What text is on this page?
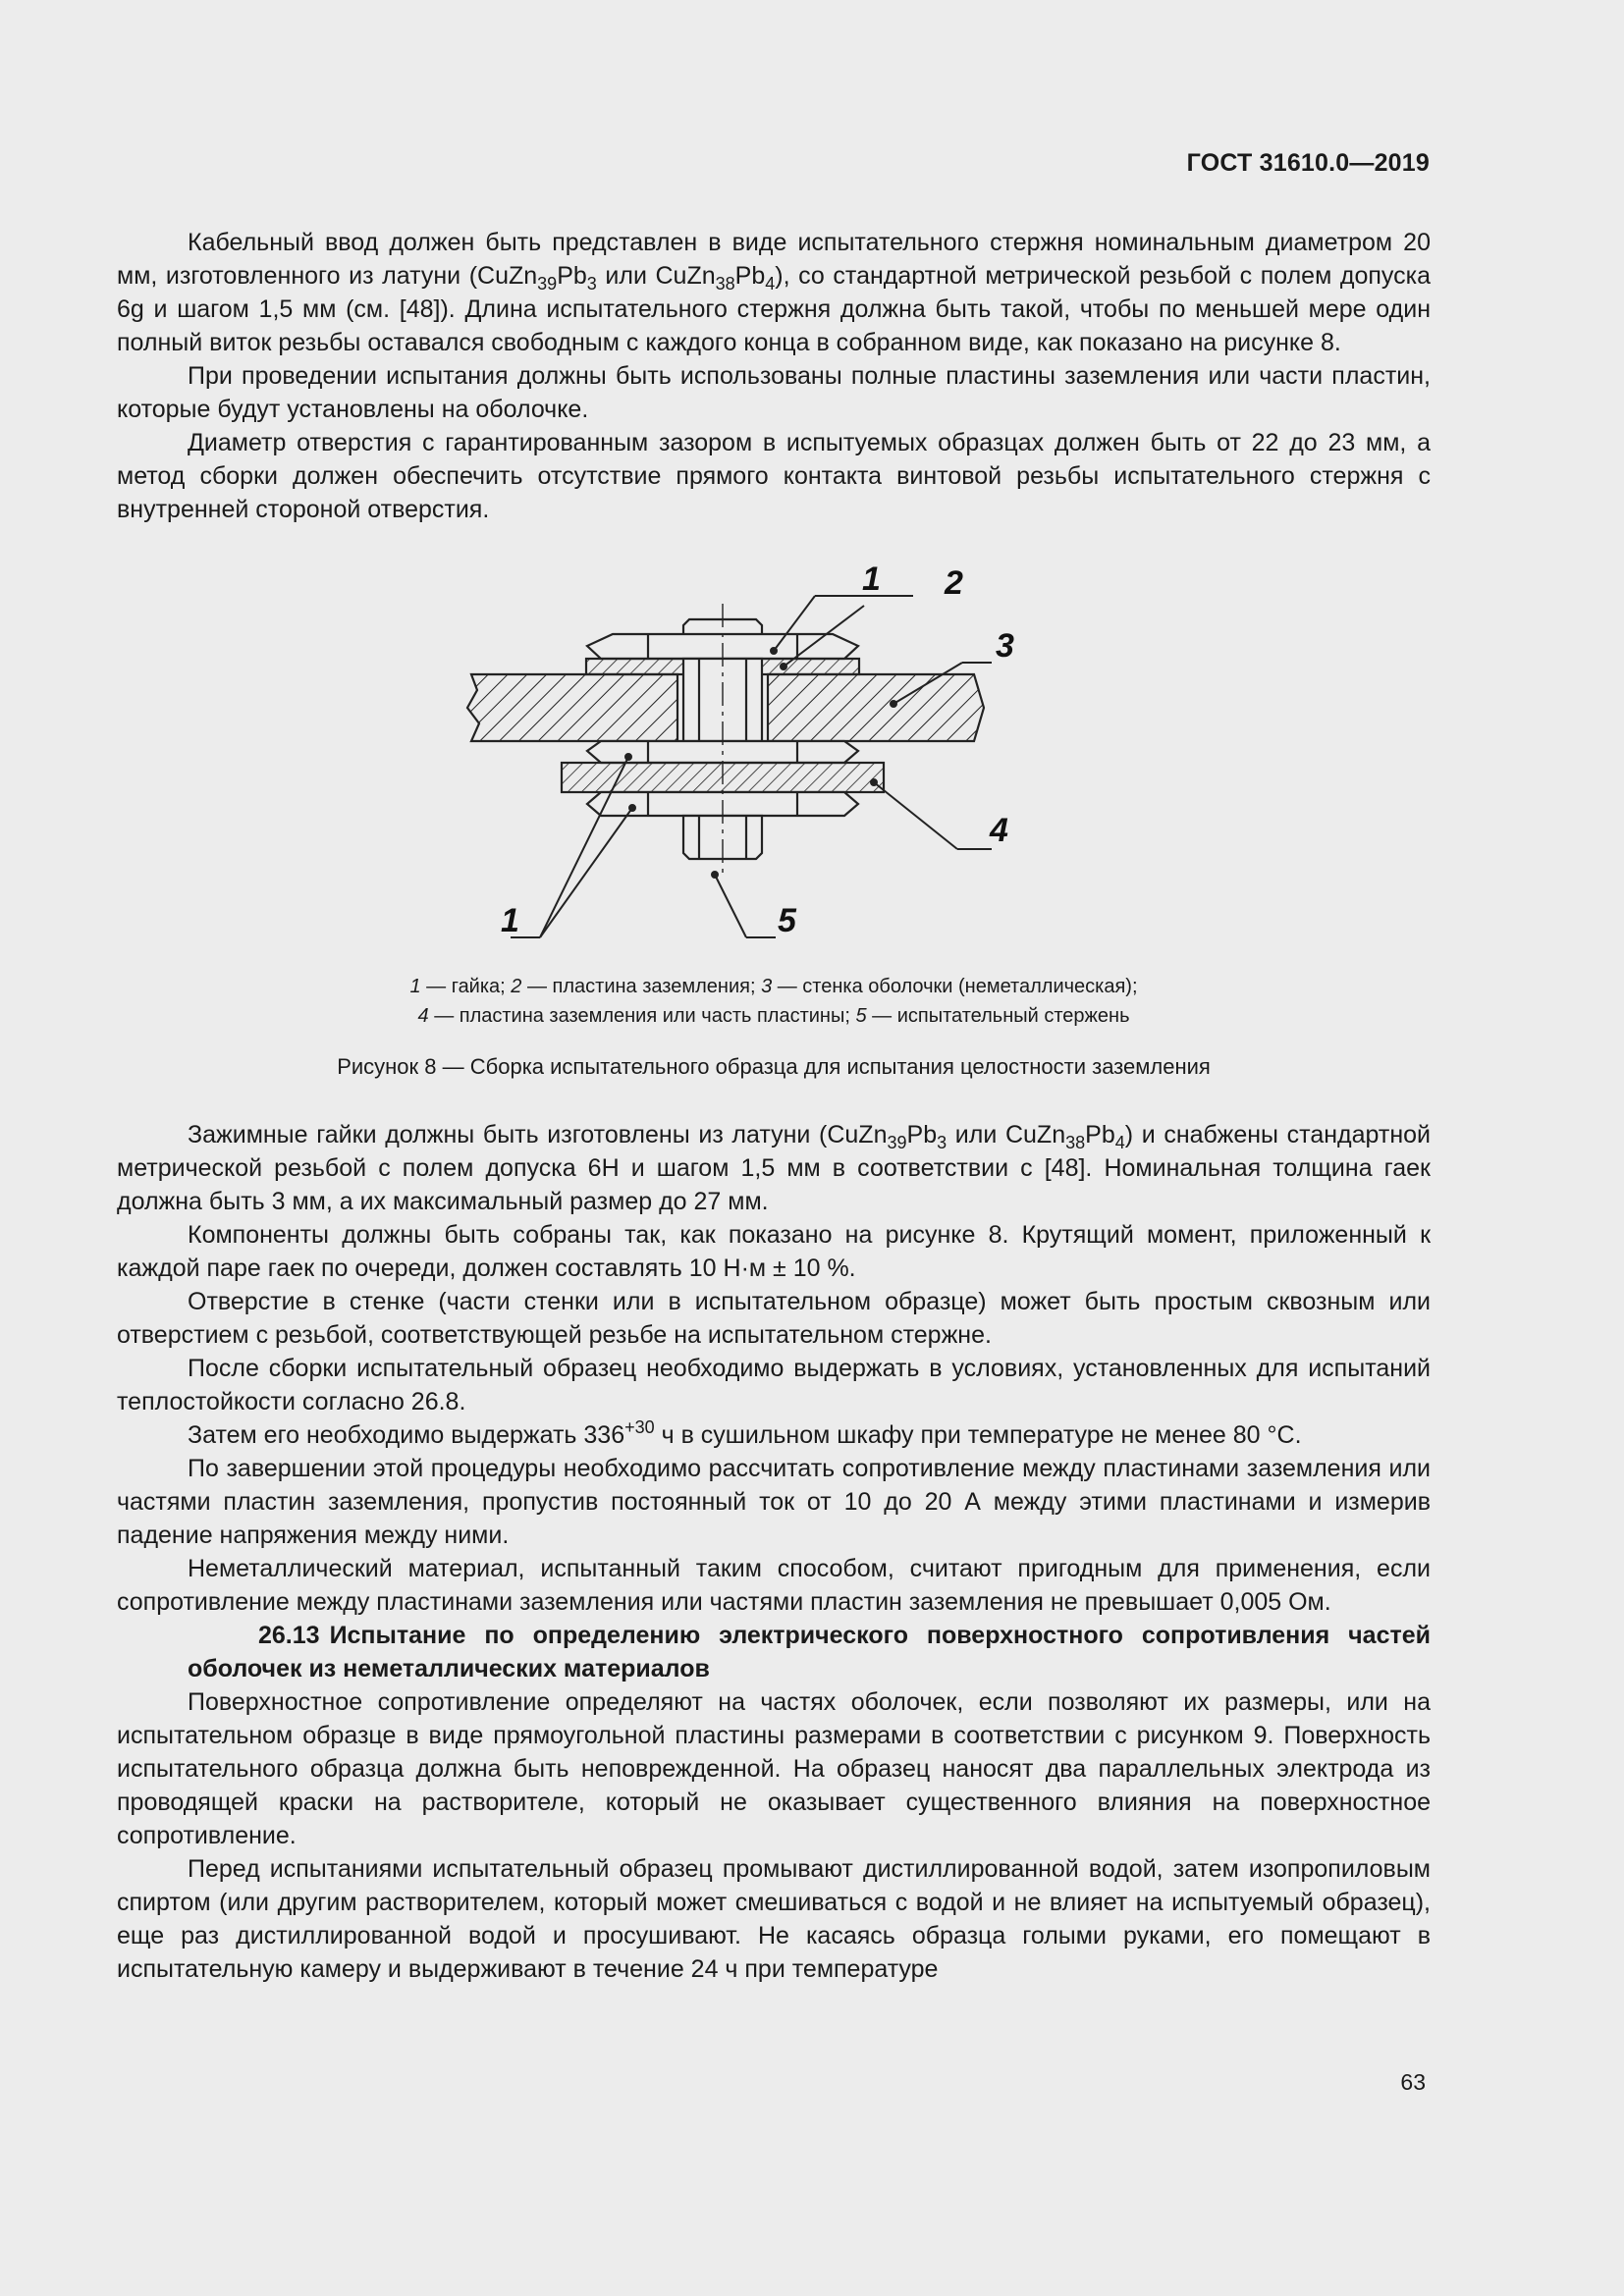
ГОСТ 31610.0—2019

Кабельный ввод должен быть представлен в виде испытательного стержня номинальным диаметром 20 мм, изготовленного из латуни ($CuZn_{39}Pb_3$ или $CuZn_{38}Pb_4$), со стандартной метрической резьбой с полем допуска 6g и шагом 1,5 мм (см. [48]). Длина испытательного стержня должна быть такой, чтобы по меньшей мере один полный виток резьбы оставался свободным с каждого конца в собранном виде, как показано на рисунке 8.

При проведении испытания должны быть использованы полные пластины заземления или части пластин, которые будут установлены на оболочке.

Диаметр отверстия с гарантированным зазором в испытуемых образцах должен быть от 22 до 23 мм, а метод сборки должен обеспечить отсутствие прямого контакта винтовой резьбы испытательного стержня с внутренней стороной отверстия.

1 2
3
4
1	5
1 — гайка; 2 — пластина заземления; 3 — стенка оболочки (неметаллическая);
4 — пластина заземления или часть пластины; 5 — испытательный стержень
Рисунок 8 — Сборка испытательного образца для испытания целостности заземления

Зажимные гайки должны быть изготовлены из латуни ($CuZn_{39}Pb_3$ или $CuZn_{38}Pb_4$) и снабжены стандартной метрической резьбой с полем допуска 6H и шагом 1,5 мм в соответствии с [48]. Номинальная толщина гаек должна быть 3 мм, а их максимальный размер до 27 мм.

Компоненты должны быть собраны так, как показано на рисунке 8. Крутящий момент, приложенный к каждой паре гаек по очереди, должен составлять 10 Н·м ± 10 %.

Отверстие в стенке (части стенки или в испытательном образце) может быть простым сквозным или отверстием с резьбой, соответствующей резьбе на испытательном стержне.

После сборки испытательный образец необходимо выдержать в условиях, установленных для испытаний теплостойкости согласно 26.8.

Затем его необходимо выдержать $336^{+30}$ ч в сушильном шкафу при температуре не менее 80 °С.

По завершении этой процедуры необходимо рассчитать сопротивление между пластинами заземления или частями пластин заземления, пропустив постоянный ток от 10 до 20 А между этими пластинами и измерив падение напряжения между ними.

Неметаллический материал, испытанный таким способом, считают пригодным для применения, если сопротивление между пластинами заземления или частями пластин заземления не превышает 0,005 Ом.

26.13 Испытание по определению электрического поверхностного сопротивления частей оболочек из неметаллических материалов

Поверхностное сопротивление определяют на частях оболочек, если позволяют их размеры, или на испытательном образце в виде прямоугольной пластины размерами в соответствии с рисунком 9. Поверхность испытательного образца должна быть неповрежденной. На образец наносят два параллельных электрода из проводящей краски на растворителе, который не оказывает существенного влияния на поверхностное сопротивление.

Перед испытаниями испытательный образец промывают дистиллированной водой, затем изопропиловым спиртом (или другим растворителем, который может смешиваться с водой и не влияет на испытуемый образец), еще раз дистиллированной водой и просушивают. Не касаясь образца голыми руками, его помещают в испытательную камеру и выдерживают в течение 24 ч при температуре

63
